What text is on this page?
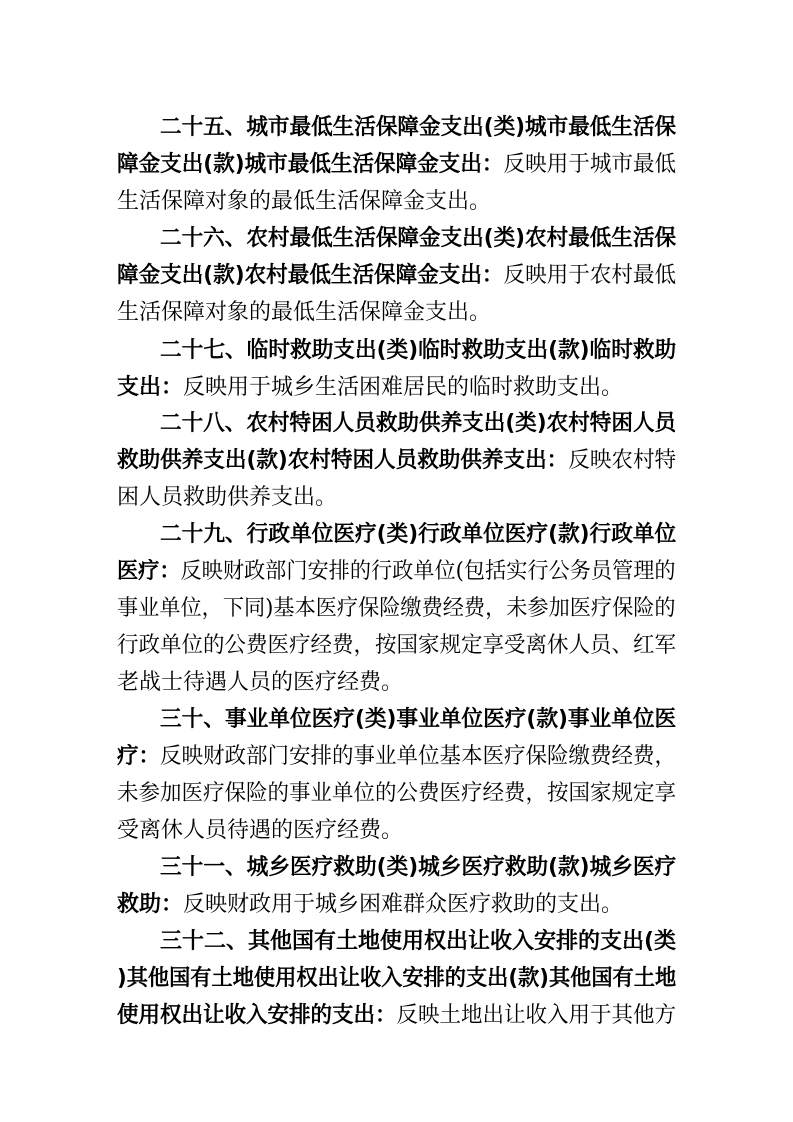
二十五、城市最低生活保障金支出(类)城市最低生活保
障金支出(款)城市最低生活保障金支出：反映用于城市最低
生活保障对象的最低生活保障金支出。
二十六、农村最低生活保障金支出(类)农村最低生活保
障金支出(款)农村最低生活保障金支出：反映用于农村最低
生活保障对象的最低生活保障金支出。
二十七、临时救助支出(类)临时救助支出(款)临时救助
支出：反映用于城乡生活困难居民的临时救助支出。
二十八、农村特困人员救助供养支出(类)农村特困人员
救助供养支出(款)农村特困人员救助供养支出：反映农村特
困人员救助供养支出。
二十九、行政单位医疗(类)行政单位医疗(款)行政单位
医疗：反映财政部门安排的行政单位(包括实行公务员管理的
事业单位，下同)基本医疗保险缴费经费，未参加医疗保险的
行政单位的公费医疗经费，按国家规定享受离休人员、红军
老战士待遇人员的医疗经费。
三十、事业单位医疗(类)事业单位医疗(款)事业单位医
疗：反映财政部门安排的事业单位基本医疗保险缴费经费，
未参加医疗保险的事业单位的公费医疗经费，按国家规定享
受离休人员待遇的医疗经费。
三十一、城乡医疗救助(类)城乡医疗救助(款)城乡医疗
救助：反映财政用于城乡困难群众医疗救助的支出。
三十二、其他国有土地使用权出让收入安排的支出(类
)其他国有土地使用权出让收入安排的支出(款)其他国有土地
使用权出让收入安排的支出：反映土地出让收入用于其他方
